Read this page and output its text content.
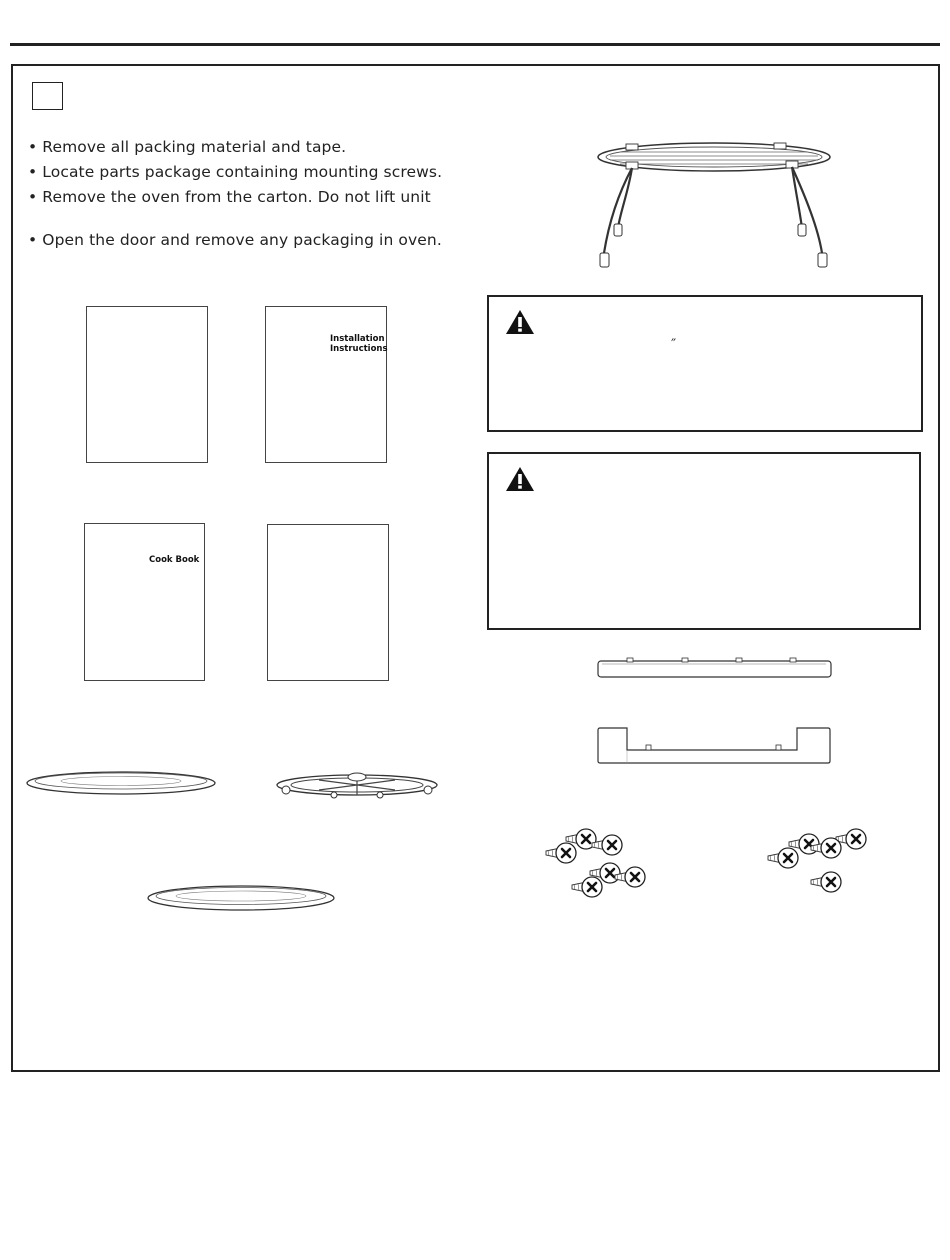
• Remove all packing material and tape.
• Locate parts package containing mounting screws.
• Remove the oven from the carton. Do not lift unit
• Open the door and remove any packaging in oven.
Installation
Instructions
Cook Book
″
